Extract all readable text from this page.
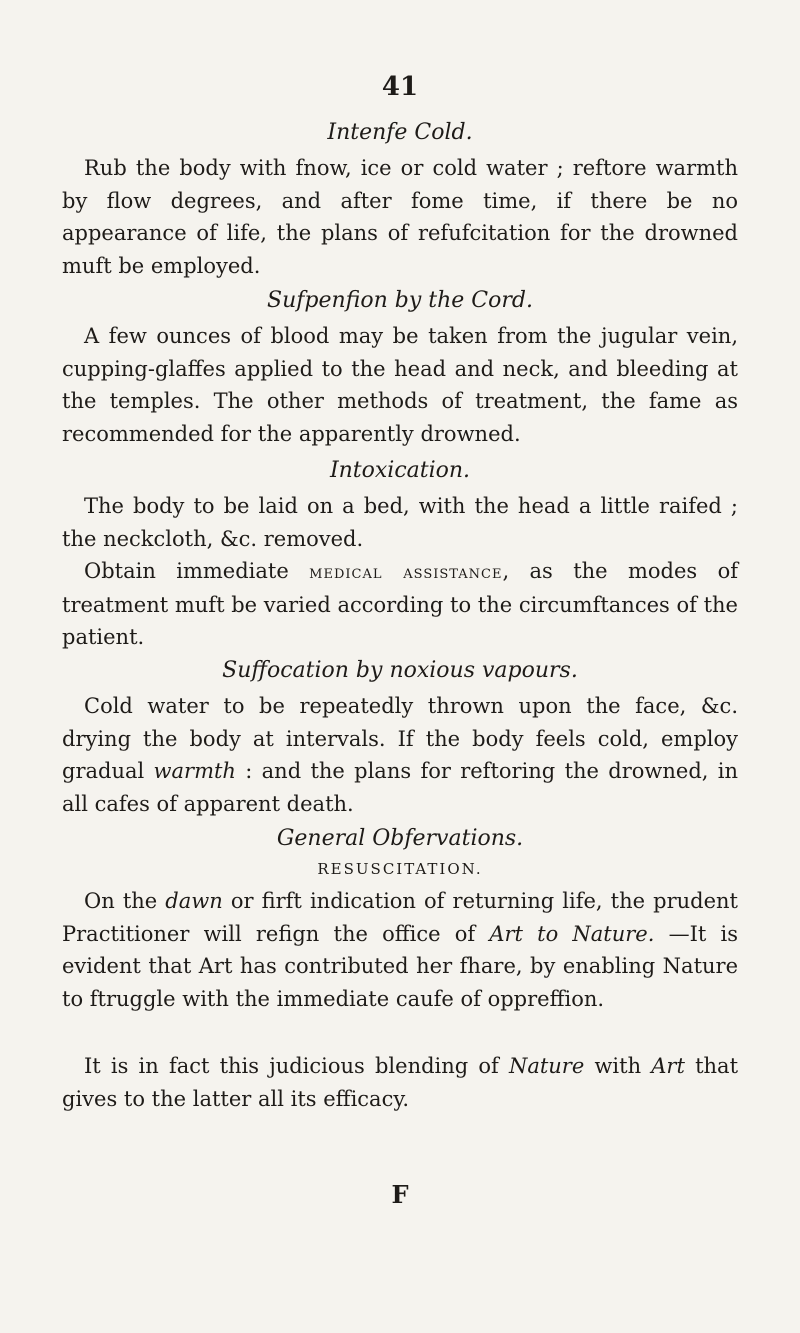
41
Intenfe Cold.

Rub the body with fnow, ice or cold water ; reftore warmth by flow degrees, and after fome time, if there be no appearance of life, the plans of refufcitation for the drowned muft be employed.

Sufpenfion by the Cord.

A few ounces of blood may be taken from the jugular vein, cupping-glaffes applied to the head and neck, and bleeding at the temples. The other methods of treatment, the fame as recommended for the apparently drowned.

Intoxication.

The body to be laid on a bed, with the head a little raifed ; the neckcloth, &c. removed.

Obtain immediate medical assistance, as the modes of treatment muft be varied according to the circumftances of the patient.

Suffocation by noxious vapours.

Cold water to be repeatedly thrown upon the face, &c. drying the body at intervals. If the body feels cold, employ gradual warmth : and the plans for reftoring the drowned, in all cafes of apparent death.

General Obfervations.
RESUSCITATION.

On the dawn or firft indication of returning life, the prudent Practitioner will refign the office of Art to Nature. —It is evident that Art has contributed her fhare, by enabling Nature to ftruggle with the immediate caufe of oppreffion.

It is in fact this judicious blending of Nature with Art that gives to the latter all its efficacy.

F
